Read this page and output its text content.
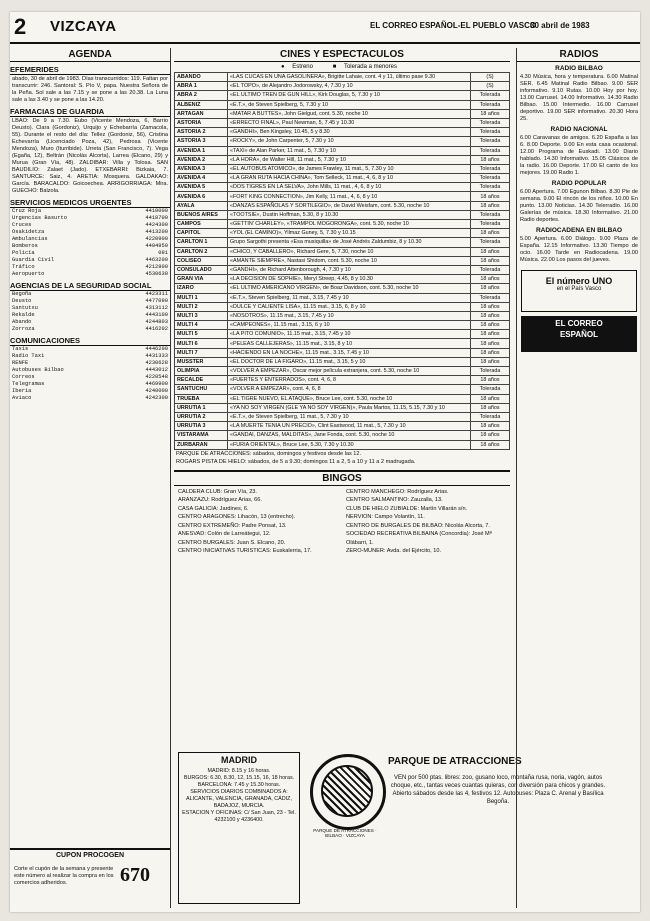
2 VIZCAYA	EL CORREO ESPAÑOL-EL PUEBLO VASCO
30 abril de 1983
AGENDA
EFEMERIDES
abado, 30 de abril de 1983. Días transcurridos: 119. Faltan por transcurrir: 246. Santoral: S. Pío V, papa. Nuestra Señora de la Peña. Sol sale a las 7.15 y se pone a las 20.38. La Luna sale a las 3.40 y se pone a las 14.20.
FARMACIAS DE GUARDIA
LBAO: De 9 a 7.30. Eubo (Vicente Mendoza, 6, Barrio Deusto). Clara (Gordoniz), Urquijo y Echebarría (Zamacola, 55). Durante el resto del día: Tellez (Gordoniz, 56), Cristina Echevarría (Licenciado Poza, 42), Pedrosa (Vicente Mendoza), Muro (Iturribide). Urreta (San Francisco, 7). Vega (Egaña, 12), Beltrán (Nicolás Alcorta), Larrea (Elcano, 29) y Murua (Gran Vía, 48). ZALDIBAR: Villa y Tolosa. SAN BAUDILIO: Zalaet (Jado). ETXEBARRI: Bizkaia, 7. SANTURCE: Saiz, 4. ARETIA: Mosquera. GALDAKAO: García. BARACALDO: Goicoechea. ARRIGORRIAGA: Mira. GUECHO: Balzola.
SERVICIOS MEDICOS URGENTES
Cruz Roja	4410000
Urgencias Basurto	4418700
Cruces	4424300
Osakidetza	4413200
Ambulancias	4220900
Bomberos	4404950
Policía	091
Guardia Civil	4463200
Tráfico	4212900
Aeropuerto	4530630
AGENCIAS DE LA SEGURIDAD SOCIAL
Begoña	4423311
Deusto	4477090
Santutxu	4313112
Rekalde	4443100
Abando	4244803
Zorroza	4416202
COMUNICACIONES
Taxis	4446200
Radio Taxi	4431333
RENFE	4230628
Autobuses Bilbao	4443012
Correos	4220548
Telegramas	4469900
Iberia	4240000
Aviaco	4242300
CUPON PROCOGEN
Corte el cupón de la semana y presente este número al realizar la compra en los comercios adheridos.	670
CINES Y ESPECTACULOS
● Estreno	■ Tolerada a menores
ABANDO	«LAS CUCAS EN UNA GASOLINERA», Brigitte Lahaie, cont. 4 y 11, último pase 9.30	(S)
ABRA 1	«EL TOPO», de Alejandro Jodorowsky, 4, 7.30 y 10	(S)
ABRA 2	«EL ULTIMO TREN DE GUN HILL», Kirk Douglas, 5, 7.30 y 10	Tolerada
ALBENIZ	«E.T.», de Steven Spielberg, 5, 7.30 y 10	Tolerada
ARTAGAN	«MATAR A BUTTES», John Gielgud, cont. 5.30, noche 10	18 años
ASTORIA	«ERRECTO FINAL», Paul Newman, 5, 7.45 y 10.30	Tolerada
ASTORIA 2	«GANDHI», Ben Kingsley, 10.45, 5 y 8.30	Tolerada
ASTORIA 3	«ROCKY», de John Carpenter, 5, 7.30 y 10	Tolerada
AVENIDA 1	«TAXI» de Alan Parker, 11 mat., 5, 7.30 y 10	Tolerada
AVENIDA 2	«LA HORA», de Walter Hill, 11 mat., 5, 7.30 y 10	18 años
AVENIDA 3	«EL AUTOBUS ATOMICO», de James Frawley, 11 mat., 5, 7.30 y 10	Tolerada
AVENIDA 4	«LA GRAN RUTA HACIA CHINA», Tom Selleck, 11 mat., 4, 6, 8 y 10	Tolerada
AVENIDA 5	«DOS TIGRES EN LA SELVA», John Mills, 11 mat., 4, 6, 8 y 10	Tolerada
AVENIDA 6	«FORT KING CONNECTION», Jim Kelly, 11 mat., 4, 6, 8 y 10	18 años
AYALA	«DANZAS ESPAÑOLAS Y SORTILEGIO», de David Weisfam, cont. 5.30, noche 10	18 años
BUENOS AIRES	«TOOTSIE», Dustin Hoffman, 5.30, 8 y 10.30	Tolerada
CAMPOS	«GETTIN' CHARLEY», «TRAMPOL MOGORONGA», cont. 5.30, noche 10	Tolerada
CAPITOL	«YOL (EL CAMINO)», Yilmaz Guney, 5, 7.30 y 10.15	18 años
CARLTON 1	Grupo Sargothi presenta «Esa musiquilla» de José Andrés Zaldumbiz, 8 y 10.30	Tolerada
CARLTON 2	«CHICO, Y CABALLERO», Richard Gere, 5, 7.30, noche 10	18 años
COLISEO	«AMANTE SIEMPRE», Nastasi Shidom, cont. 5.30, noche 10	18 años
CONSULADO	«GANDHI», de Richard Attenborough, 4, 7.30 y 10	Tolerada
GRAN VIA	«LA DECISION DE SOPHIE», Meryl Streep, 4.45, 8 y 10.30	18 años
IZARO	«EL ULTIMO AMERICANO VIRGEN», de Boaz Davidson, cont. 5.30, noche 10	18 años
MULTI 1	«E.T.», Steven Spielberg, 11 mat., 3.15, 7.45 y 10	Tolerada
MULTI 2	«DULCE Y CALIENTE LISA», 11.15 mat., 3.15, 6, 8 y 10	18 años
MULTI 3	«NOSOTROS», 11.15 mat., 3.15, 7.45 y 10	18 años
MULTI 4	«CAMPEONES», 11.15 mat., 3.15, 6 y 10	18 años
MULTI 5	«LA PITO COMUNIO», 11.15 mat., 3.15, 7.45 y 10	18 años
MULTI 6	«PELEAS CALLEJERAS», 11.15 mat., 3.15, 8 y 10	18 años
MULTI 7	«HACIENDO EN LA NOCHE», 11.15 mat., 3.15, 7.45 y 10	18 años
MUSSTER	«EL DOCTOR DE LA FIGARO», 11.15 mat., 3.15, 5 y 10	18 años
OLIMPIA	«VOLVER A EMPEZAR», Oscar mejor película extranjera, cont. 5.30, noche 10	Tolerada
RECALDE	«FUERTES Y ENTERRADOS», cont. 4, 6, 8	18 años
SANTUCHU	«VOLVER A EMPEZAR», cont. 4, 6, 8	Tolerada
TRUEBA	«EL TIGRE NUEVO, EL ATAQUE», Bruce Lee, cont. 5.30, noche 10	18 años
URRUTIA 1	«YA NO SOY VIRGEN (GLE YA NO SOY VIRGEN)», Paula Martos, 11.15, 5.15, 7.30 y 10	18 años
URRUTIA 2	«E.T.», de Steven Spielberg, 11 mat., 5, 7.30 y 10	Tolerada
URRUTIA 3	«LA MUERTE TENIA UN PRECIO», Clint Eastwood, 11 mat., 5, 7.30 y 10	18 años
VISTARAMA	«GANDAI, DANZAS, MALDITAS», Jane Fonda, cont. 5.30, noche 10	18 años
ZURBARAN	«FURIA ORIENTAL», Bruce Lee, 5.30, 7.30 y 10.30	18 años
PARQUE DE ATRACCIONES: sábados, domingos y festivos desde las 12.
ROGARS PISTA DE HIELO: sábados, de 5 a 9.30; domingos 11 a 2, 5 a 10 y 11 a 2 madrugada.
BINGOS
CALDERA CLUB: Gran Vía, 23.
ARANZAZU: Rodríguez Arias, 66.
CASA GALICIA: Jardines, 6.
CENTRO ARAGONES: Lihacón, 13 (entrecho).
CENTRO EXTREMEÑO: Padre Ponsat, 13.
ANESVAD: Colón de Larreátegui, 12.
CENTRO BURGALES: Juan S. Elcano, 20.
CENTRO INICIATIVAS TURISTICAS: Euskalerria, 17.
CENTRO MANCHEGO: Rodríguez Arias.
CENTRO SALMANTINO: Zauzalla, 13.
CLUB DE HIELO ZUBIALDE: Martín Villarán s/n.
NERVION: Campo Volantín, 11.
CENTRO DE BURGALES DE BILBAO: Nicolás Alcorta, 7.
SOCIEDAD RECREATIVA BILBAINA (Concordia): José Mª Olábarri, 1.
ZERO-MUNER: Avda. del Ejército, 10.
MADRID
MADRID: 8.15 y 16 horas.
BURGOS: 6.30, 8.30, 12, 15.15, 16, 18 horas.
BARCELONA: 7.45 y 15.30 horas.
SERVICIOS DIARIOS COMBINADOS A: ALICANTE, VALENCIA, GRANADA, CÁDIZ, BADAJOZ, MURCIA.
ESTACION Y OFICINAS: C/ San Juan, 23 - Tel. 4232100 y 4236400.
PARQUE DE ATRACCIONES · BILBAO · VIZCAYA
PARQUE DE ATRACCIONES
VEN por 500 ptas. libres: zoo, gusano loco, montaña rusa, noria, vagón, autos choque, etc., tantas veces cuantas quieras, con diversión para chicos y grandes. Abierto sábados desde las 4, festivos 12. Autobuses: Plaza C. Arenal y Basílica Begoña.
RADIOS
RADIO BILBAO
4.30 Música, hora y temperatura. 6.00 Matinal SER. 6.45 Matinal Radio Bilbao. 9.00 SER informativo. 9.10 Rutas. 10.00 Hoy por hoy. 13.00 Carrusel. 14.00 Informativo. 14.30 Radio Bilbao. 15.00 Intermedio. 16.00 Carrusel deportivo. 19.00 SER informativo. 20.30 Hora 25.
RADIO NACIONAL
6.00 Caravanas de amigos. 6.20 España a las 6. 8.00 Deporte. 9.00 En esta casa ocasional. 12.00 Programa de Euskadi. 13.00 Diario hablado. 14.30 Informativo. 15.05 Clásicos de la radio. 16.00 Deporte. 17.00 El canto de los mejores. 19.00 Radio 1.
RADIO POPULAR
6.00 Apertura. 7.00 Egunon Bilbao. 8.30 Pie de semana. 9.00 El rincón de los niños. 10.00 En punto. 13.00 Noticias. 14.30 Telerradio. 16.00 Galerías de música. 18.30 Informativo. 21.00 Radio deportes.
RADIOCADENA EN BILBAO
5.00 Apertura. 6.00 Diálogo. 9.00 Plaza de España. 12.15 Informativo. 13.30 Tiempo de ocio. 16.00 Tarde en Radiocadena. 19.00 Música. 22.00 Los pasos del jueves.
El número UNO
en el País Vasco
EL CORREO
ESPAÑOL
